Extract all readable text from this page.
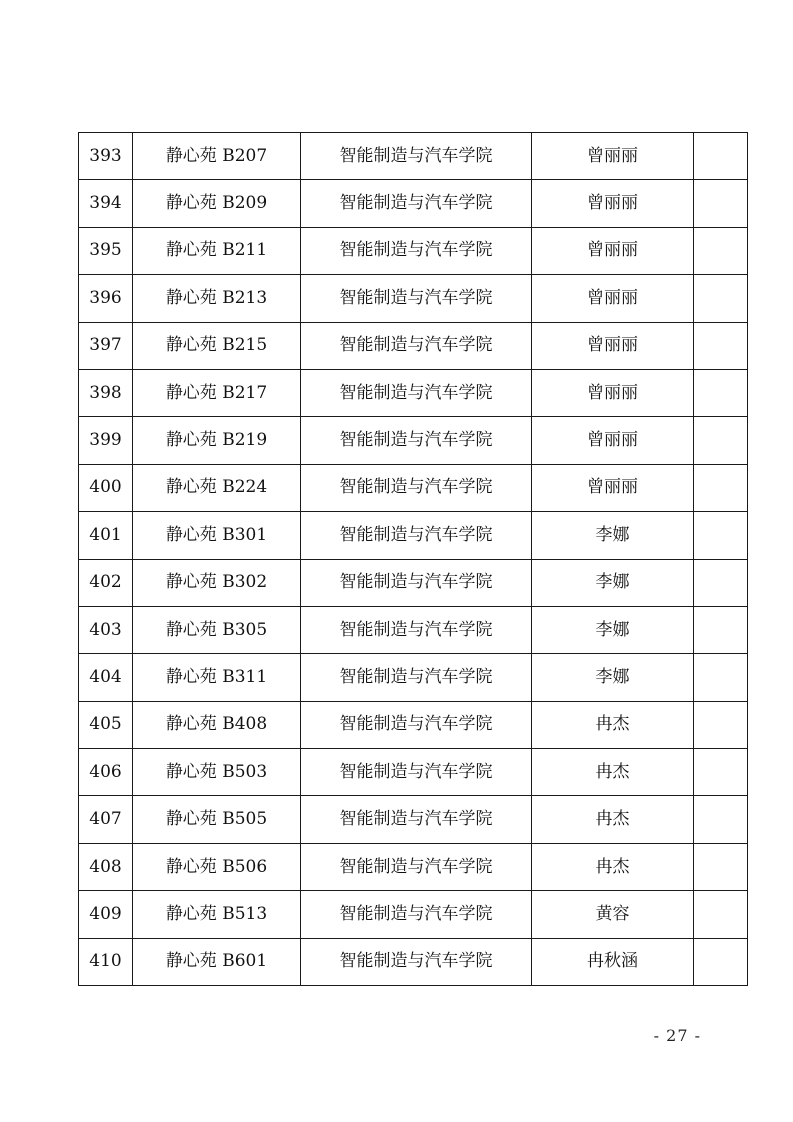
393	静心苑 B207	智能制造与汽车学院	曾丽丽	
394	静心苑 B209	智能制造与汽车学院	曾丽丽	
395	静心苑 B211	智能制造与汽车学院	曾丽丽	
396	静心苑 B213	智能制造与汽车学院	曾丽丽	
397	静心苑 B215	智能制造与汽车学院	曾丽丽	
398	静心苑 B217	智能制造与汽车学院	曾丽丽	
399	静心苑 B219	智能制造与汽车学院	曾丽丽	
400	静心苑 B224	智能制造与汽车学院	曾丽丽	
401	静心苑 B301	智能制造与汽车学院	李娜	
402	静心苑 B302	智能制造与汽车学院	李娜	
403	静心苑 B305	智能制造与汽车学院	李娜	
404	静心苑 B311	智能制造与汽车学院	李娜	
405	静心苑 B408	智能制造与汽车学院	冉杰	
406	静心苑 B503	智能制造与汽车学院	冉杰	
407	静心苑 B505	智能制造与汽车学院	冉杰	
408	静心苑 B506	智能制造与汽车学院	冉杰	
409	静心苑 B513	智能制造与汽车学院	黄容	
410	静心苑 B601	智能制造与汽车学院	冉秋涵	
- 27 -
